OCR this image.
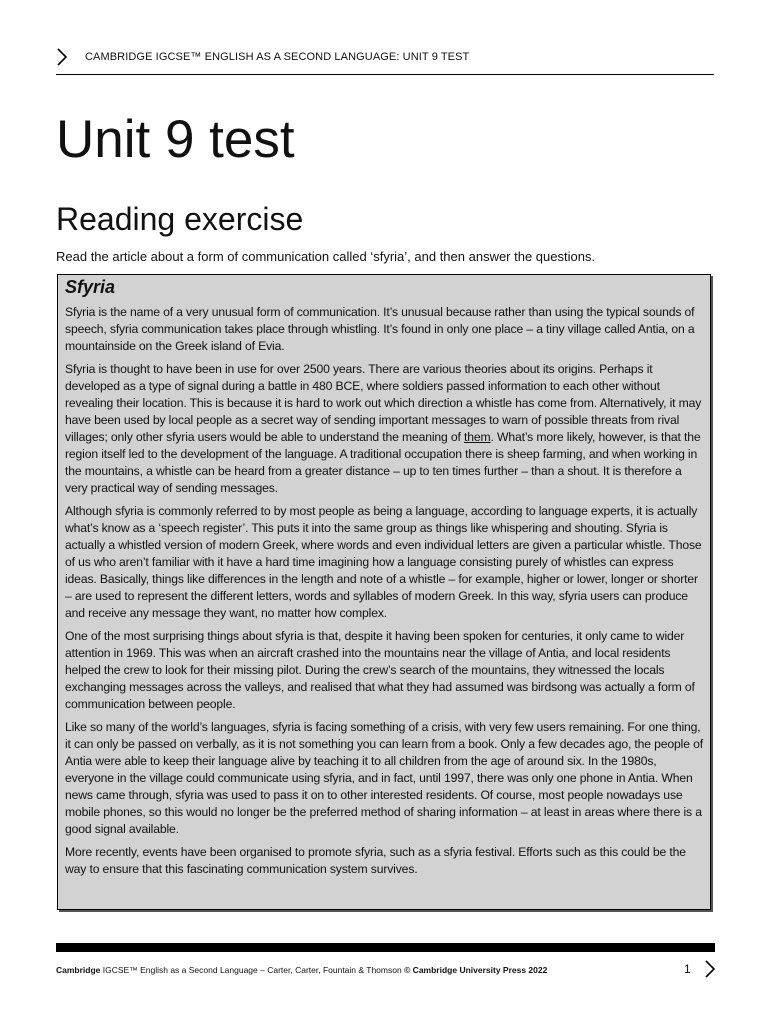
CAMBRIDGE IGCSE™ ENGLISH AS A SECOND LANGUAGE: UNIT 9 TEST
Unit 9 test
Reading exercise
Read the article about a form of communication called ‘sfyria’, and then answer the questions.
Sfyria

Sfyria is the name of a very unusual form of communication. It’s unusual because rather than using the typical sounds of speech, sfyria communication takes place through whistling. It’s found in only one place – a tiny village called Antia, on a mountainside on the Greek island of Evia.

Sfyria is thought to have been in use for over 2500 years. There are various theories about its origins. Perhaps it developed as a type of signal during a battle in 480 BCE, where soldiers passed information to each other without revealing their location. This is because it is hard to work out which direction a whistle has come from. Alternatively, it may have been used by local people as a secret way of sending important messages to warn of possible threats from rival villages; only other sfyria users would be able to understand the meaning of them. What’s more likely, however, is that the region itself led to the development of the language. A traditional occupation there is sheep farming, and when working in the mountains, a whistle can be heard from a greater distance – up to ten times further – than a shout. It is therefore a very practical way of sending messages.

Although sfyria is commonly referred to by most people as being a language, according to language experts, it is actually what’s know as a ‘speech register’. This puts it into the same group as things like whispering and shouting. Sfyria is actually a whistled version of modern Greek, where words and even individual letters are given a particular whistle. Those of us who aren’t familiar with it have a hard time imagining how a language consisting purely of whistles can express ideas. Basically, things like differences in the length and note of a whistle – for example, higher or lower, longer or shorter – are used to represent the different letters, words and syllables of modern Greek. In this way, sfyria users can produce and receive any message they want, no matter how complex.

One of the most surprising things about sfyria is that, despite it having been spoken for centuries, it only came to wider attention in 1969. This was when an aircraft crashed into the mountains near the village of Antia, and local residents helped the crew to look for their missing pilot. During the crew’s search of the mountains, they witnessed the locals exchanging messages across the valleys, and realised that what they had assumed was birdsong was actually a form of communication between people.

Like so many of the world’s languages, sfyria is facing something of a crisis, with very few users remaining. For one thing, it can only be passed on verbally, as it is not something you can learn from a book. Only a few decades ago, the people of Antia were able to keep their language alive by teaching it to all children from the age of around six. In the 1980s, everyone in the village could communicate using sfyria, and in fact, until 1997, there was only one phone in Antia. When news came through, sfyria was used to pass it on to other interested residents. Of course, most people nowadays use mobile phones, so this would no longer be the preferred method of sharing information – at least in areas where there is a good signal available.

More recently, events have been organised to promote sfyria, such as a sfyria festival. Efforts such as this could be the way to ensure that this fascinating communication system survives.

Cambridge IGCSE™ English as a Second Language – Carter, Carter, Fountain & Thomson © Cambridge University Press 2022	1
